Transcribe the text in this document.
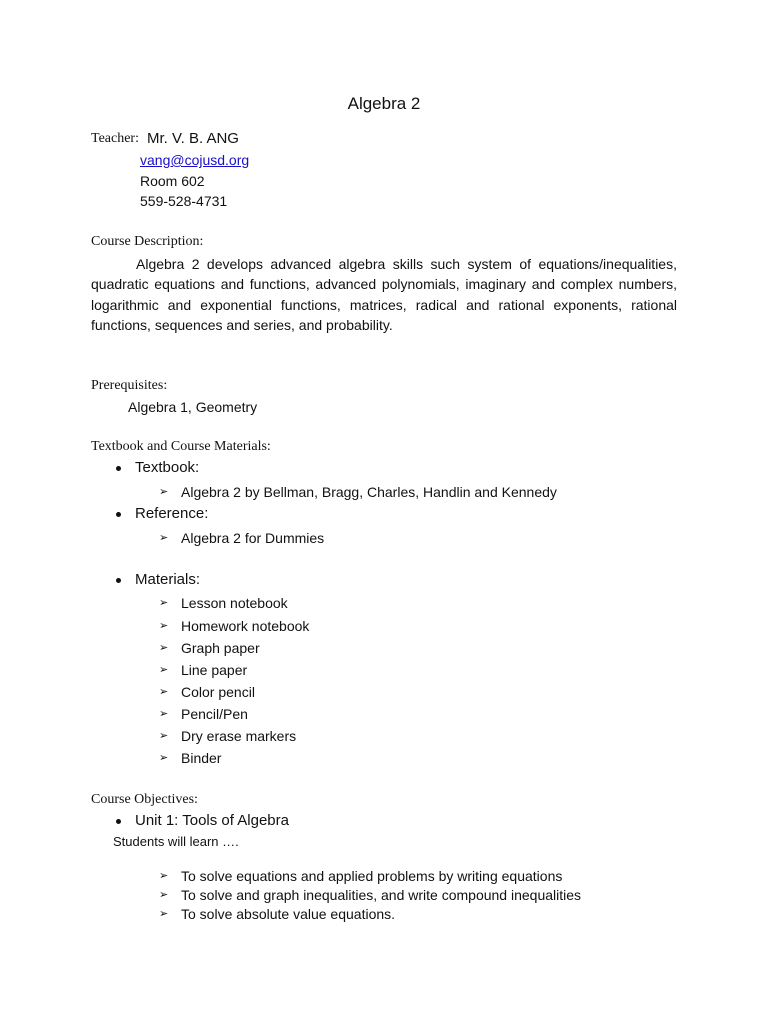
Algebra 2
Teacher: Mr. V. B. ANG
vang@cojusd.org
Room 602
559-528-4731
Course Description:
Algebra 2 develops advanced algebra skills such system of equations/inequalities, quadratic equations and functions, advanced polynomials, imaginary and complex numbers, logarithmic and exponential functions, matrices, radical and rational exponents, rational functions, sequences and series, and probability.
Prerequisites:
Algebra 1, Geometry
Textbook and Course Materials:
Textbook:
➢ Algebra 2 by Bellman, Bragg, Charles, Handlin and Kennedy
Reference:
➢ Algebra 2 for Dummies
Materials:
➢ Lesson notebook
➢ Homework notebook
➢ Graph paper
➢ Line paper
➢ Color pencil
➢ Pencil/Pen
➢ Dry erase markers
➢ Binder
Course Objectives:
Unit 1: Tools of Algebra
Students will learn ….
➢ To solve equations and applied problems by writing equations
➢ To solve and graph inequalities, and write compound inequalities
➢ To solve absolute value equations.
